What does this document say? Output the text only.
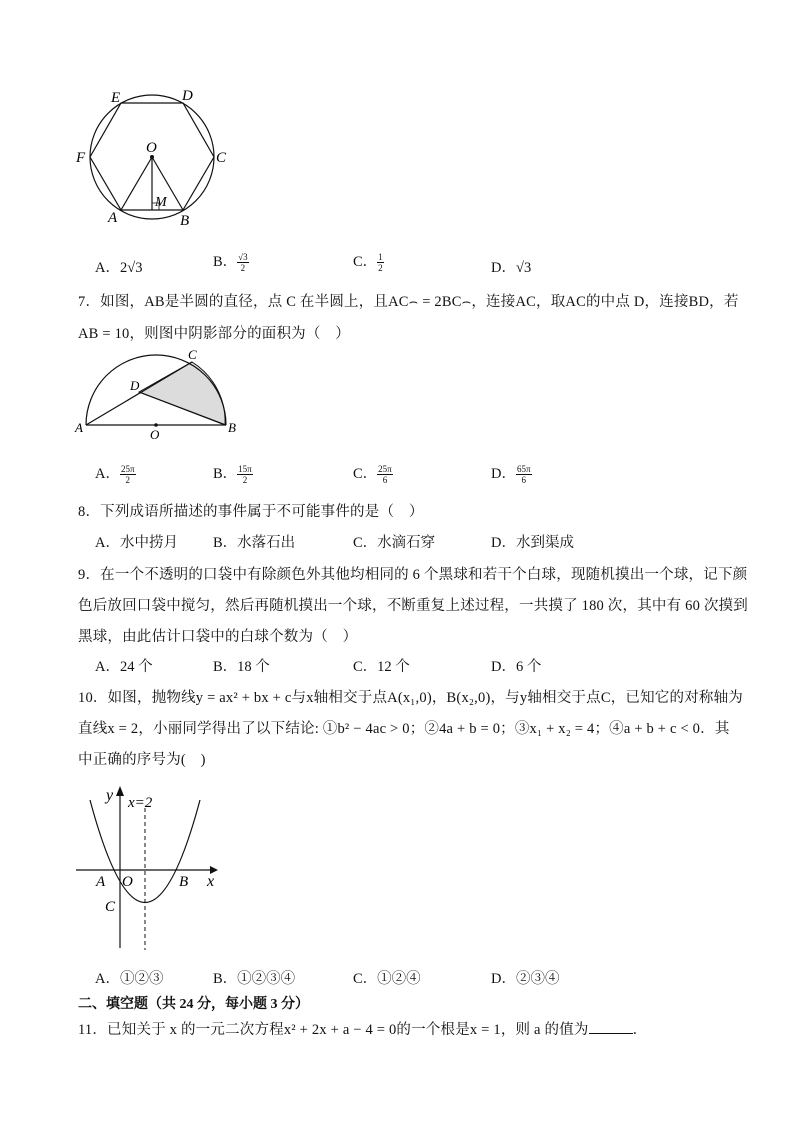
E	D
F
O
C
A
M
B
A．2√3	B． $\frac{√3}{2}$	C． $\frac{1}{2}$	D．√3
7．如图，AB是半圆的直径，点 C 在半圆上，且AC⌢ = 2BC⌢，连接AC，取AC的中点 D，连接BD，若
AB = 10，则图中阴影部分的面积为（　）
C
D
A	O	B
A． $\frac{25\pi}{2}$	B． $\frac{15\pi}{2}$	C． $\frac{25\pi}{6}$	D． $\frac{65\pi}{6}$
8．下列成语所描述的事件属于不可能事件的是（　）
A．水中捞月 B．水落石出	C．水滴石穿	D．水到渠成
9．在一个不透明的口袋中有除颜色外其他均相同的 6 个黑球和若干个白球，现随机摸出一个球，记下颜
色后放回口袋中搅匀，然后再随机摸出一个球，不断重复上述过程，一共摸了 180 次，其中有 60 次摸到
黑球，由此估计口袋中的白球个数为（　）
A．24 个	B．18 个	C．12 个	D．6 个
10．如图，抛物线y = ax² + bx + c与x轴相交于点A(x₁,0)，B(x₂,0)，与y轴相交于点C，已知它的对称轴为
直线x = 2，小丽同学得出了以下结论: ①b² − 4ac > 0；②4a + b = 0；③x₁ + x₂ = 4；④a + b + c < 0．其
中正确的序号为(　)
y x=2
A O	B x
C
A．①②③	B．①②③④	C．①②④	D．②③④
二、填空题（共 24 分，每小题 3 分）
11．已知关于 x 的一元二次方程x² + 2x + a − 4 = 0的一个根是x = 1，则 a 的值为	．
